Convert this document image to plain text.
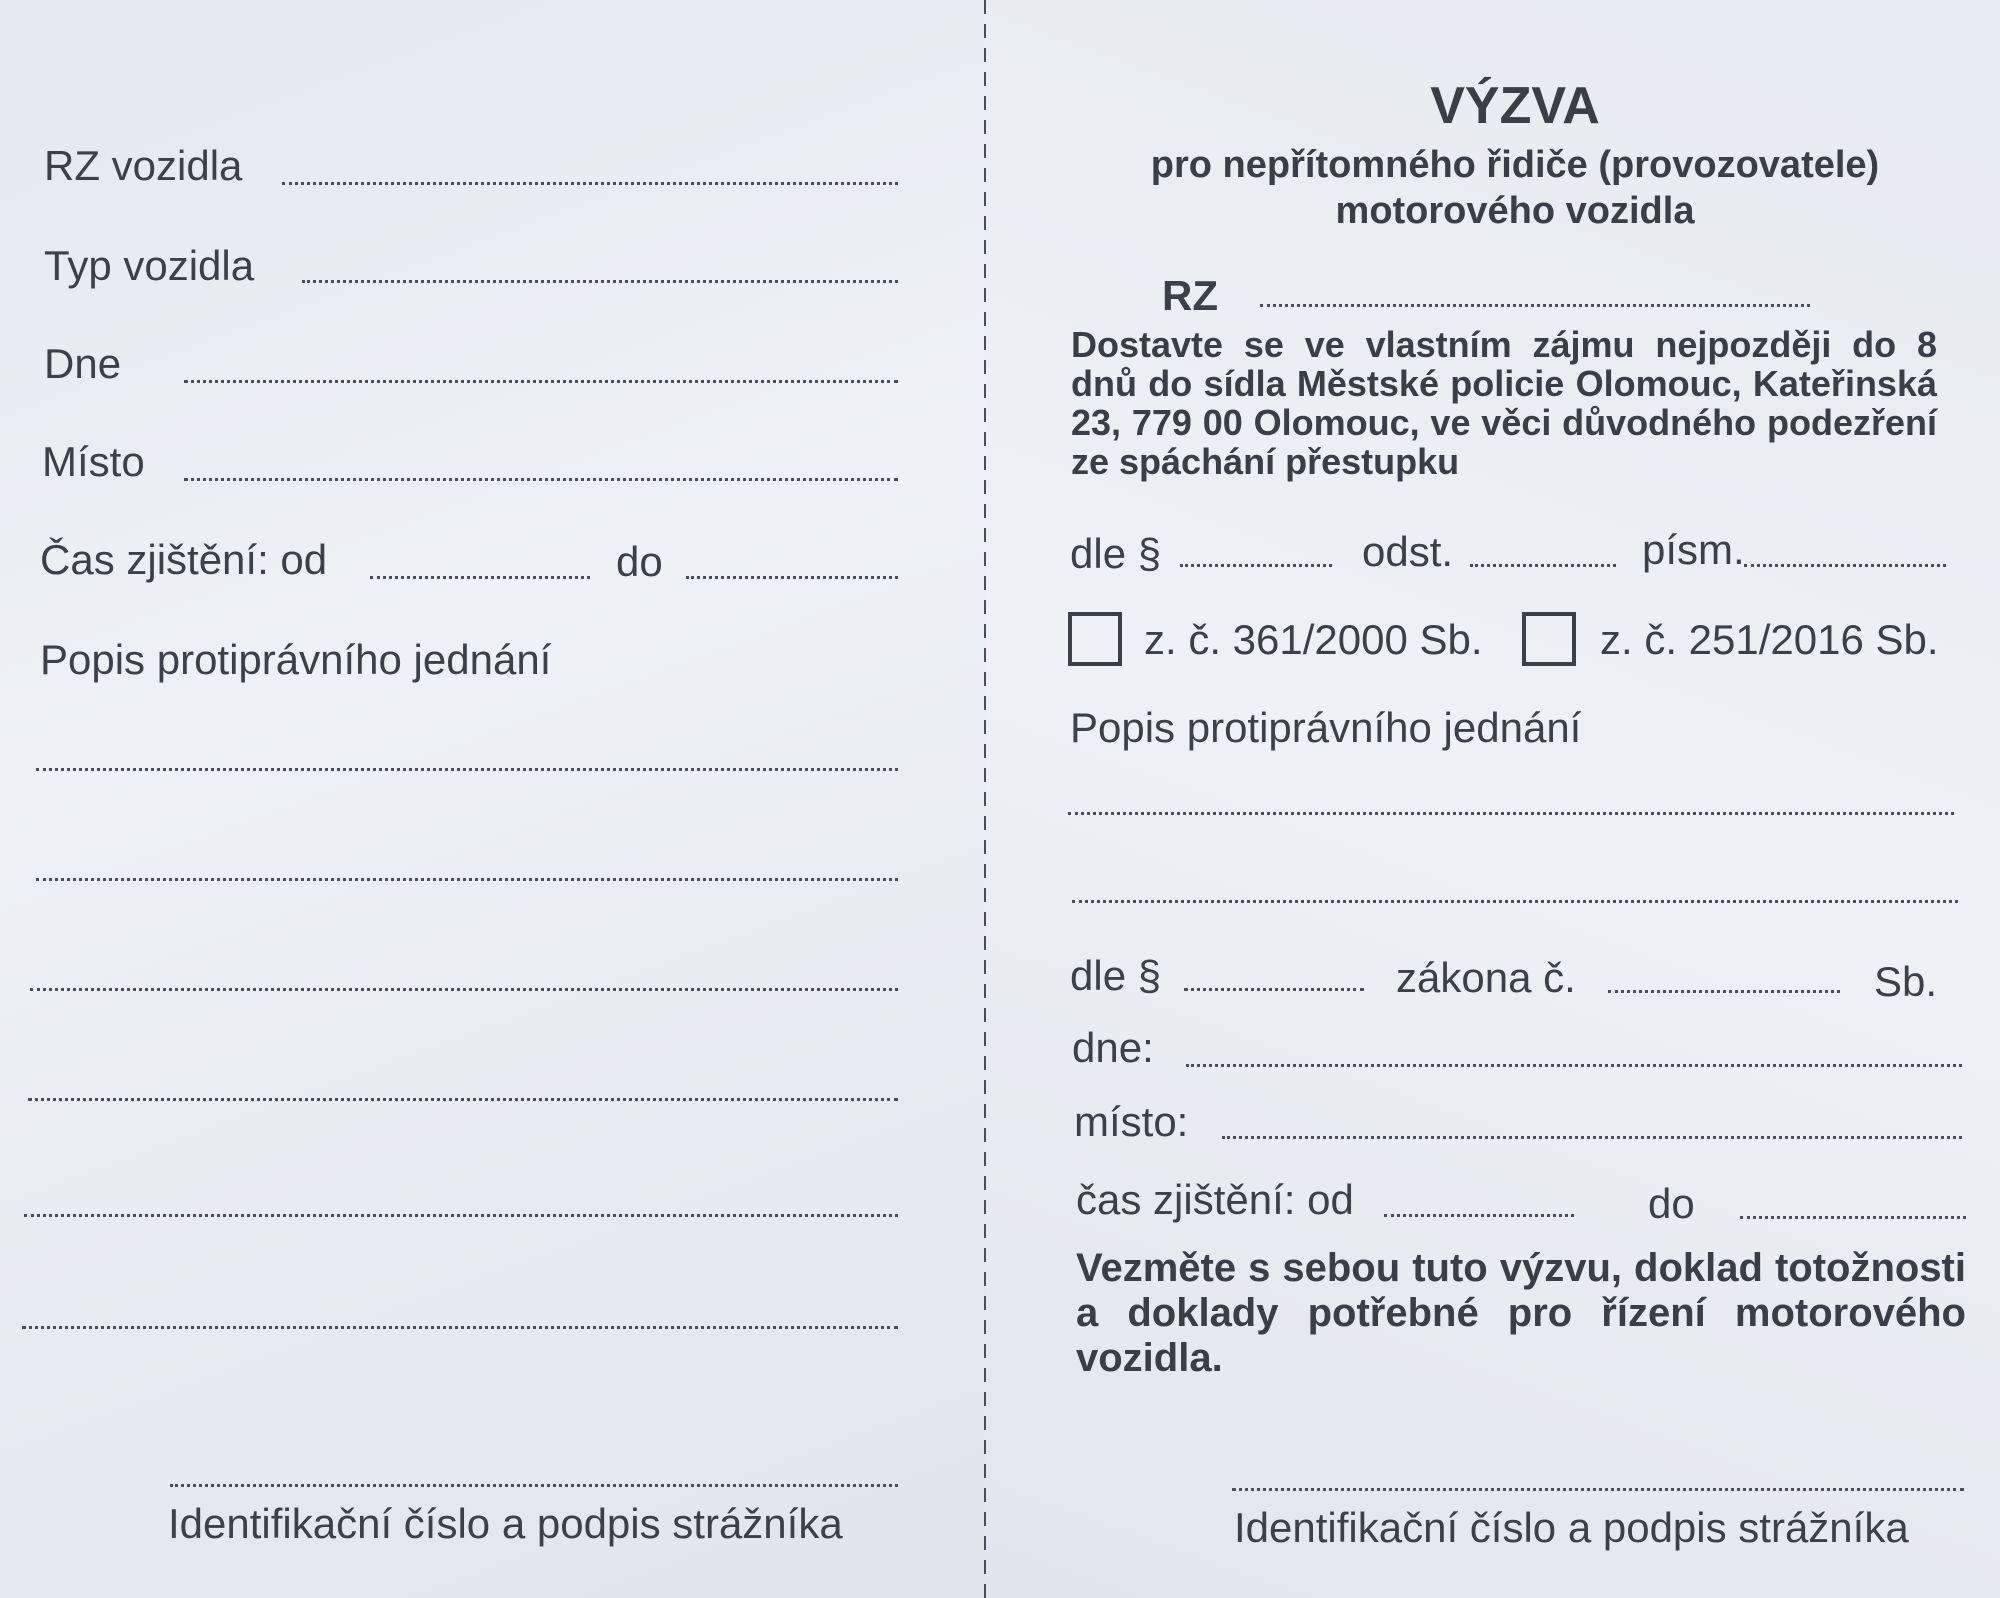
RZ vozidla
Typ vozidla
Dne
Místo
Čas zjištění: od	do
Popis protiprávního jednání
Identifikační číslo a podpis strážníka
VÝZVA
pro nepřítomného řidiče (provozovatele)
motorového vozidla
RZ
Dostavte se ve vlastním zájmu nejpozději do 8 dnů do sídla Městské policie Olomouc, Kateřinská 23, 779 00 Olomouc, ve věci důvodného podezření ze spáchání přestupku
dle §	odst.	písm.
z. č. 361/2000 Sb.	z. č. 251/2016 Sb.
Popis protiprávního jednání
dle §	zákona č.	Sb.
dne:
místo:
čas zjištění: od	do
Vezměte s sebou tuto výzvu, doklad totožnosti a doklady potřebné pro řízení motorového vozidla.
Identifikační číslo a podpis strážníka
